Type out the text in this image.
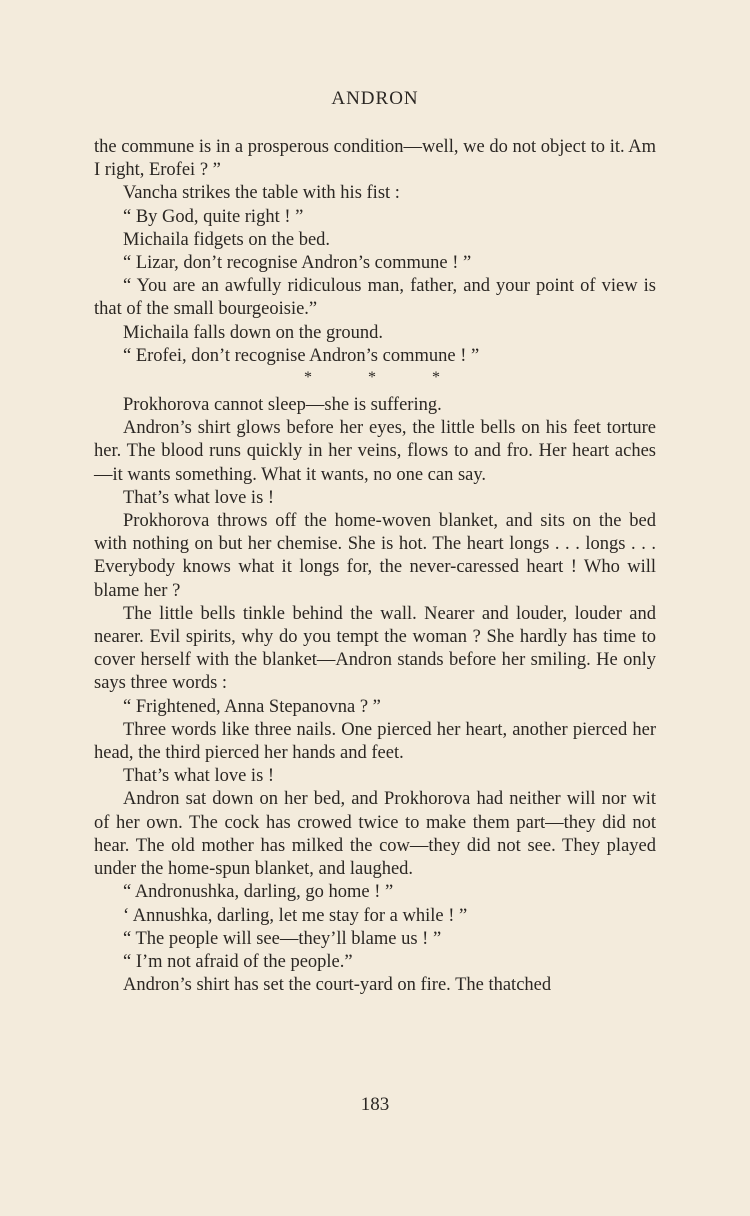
ANDRON

the commune is in a prosperous condition—well, we do not object to it. Am I right, Erofei ? ”

Vancha strikes the table with his fist :

“ By God, quite right ! ”

Michaila fidgets on the bed.

“ Lizar, don’t recognise Andron’s commune ! ”

“ You are an awfully ridiculous man, father, and your point of view is that of the small bourgeoisie.”

Michaila falls down on the ground.

“ Erofei, don’t recognise Andron’s commune ! ”

* * *

Prokhorova cannot sleep—she is suffering.

Andron’s shirt glows before her eyes, the little bells on his feet torture her. The blood runs quickly in her veins, flows to and fro. Her heart aches—it wants something. What it wants, no one can say.

That’s what love is !

Prokhorova throws off the home-woven blanket, and sits on the bed with nothing on but her chemise. She is hot. The heart longs . . . longs . . . Everybody knows what it longs for, the never-caressed heart ! Who will blame her ?

The little bells tinkle behind the wall. Nearer and louder, louder and nearer. Evil spirits, why do you tempt the woman ? She hardly has time to cover herself with the blanket—Andron stands before her smiling. He only says three words :

“ Frightened, Anna Stepanovna ? ”

Three words like three nails. One pierced her heart, another pierced her head, the third pierced her hands and feet.

That’s what love is !

Andron sat down on her bed, and Prokhorova had neither will nor wit of her own. The cock has crowed twice to make them part—they did not hear. The old mother has milked the cow—they did not see. They played under the home-spun blanket, and laughed.

“ Andronushka, darling, go home ! ”

‘ Annushka, darling, let me stay for a while ! ”

“ The people will see—they’ll blame us ! ”

“ I’m not afraid of the people.”

Andron’s shirt has set the court-yard on fire. The thatched

183
